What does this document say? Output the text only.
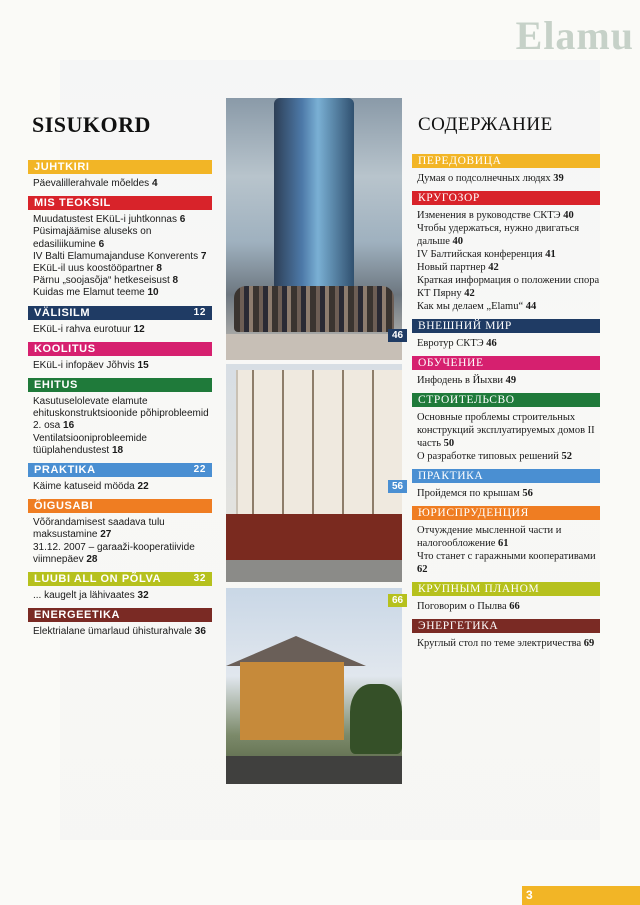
Elamu
SISUKORD	СОДЕРЖАНИЕ
JUHTKIRI
Päevalillerahvale mõeldes 4
MIS TEOKSIL
Muudatustest EKüL-i juhtkonnas 6
Püsimajäämise aluseks on edasiliikumine 6
IV Balti Elamumajanduse Konverents 7
EKüL-il uus koostööpartner 8
Pärnu „soojasõja“ hetkeseisust 8
Kuidas me Elamut teeme 10
VÄLISILM	12
EKüL-i rahva eurotuur 12
KOOLITUS
EKüL-i infopäev Jõhvis 15
EHITUS
Kasutuselolevate elamute ehituskonstruktsioonide põhiprobleemid 2. osa 16
Ventilatsiooniprobleemide tüüplahendustest 18
PRAKTIKA	22
Käime katuseid mööda 22
ÕIGUSABI
Võõrandamisest saadava tulu maksustamine 27
31.12. 2007 – garaaži-kooperatiivide viimnepäev 28
LUUBI ALL ON PÕLVA	32
... kaugelt ja lähivaates 32
ENERGEETIKA
Elektrialane ümarlaud ühisturahvale 36
ПЕРЕДОВИЦА
Думая о подсолнечных людях 39
КРУГОЗОР
Изменения в руководстве СКТЭ 40
Чтобы удержаться, нужно двигаться дальше 40
IV Балтийская конференция 41
Новый партнер 42
Краткая информация о положении спора КТ Пярну 42
Как мы делаем „Elamu“ 44
ВНЕШНИЙ МИР
Евротур СКТЭ 46
ОБУЧЕНИЕ
Инфодень в Йыхви 49
СТРОИТЕЛЬСВО
Основные проблемы строительных конструкций эксплуатируемых домов II часть 50
О разработке типовых решений 52
ПРАКТИКА
Пройдемся по крышам 56
ЮРИСПРУДЕНЦИЯ
Отчуждение мысленной части и налогообложение 61
Что станет с гаражными кооперативами 62
КРУПНЫМ ПЛАНОМ
Поговорим о Пылва 66
ЭНЕРГЕТИКА
Круглый стол по теме электричества 69
46
56
66
3
